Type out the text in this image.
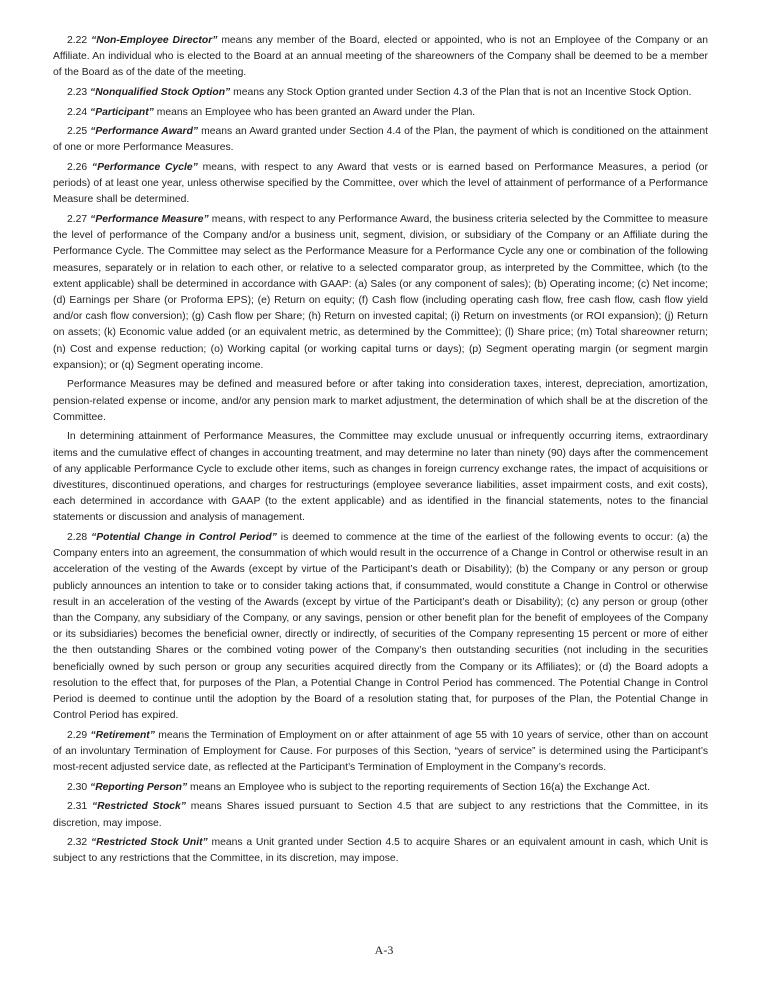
2.22 “Non-Employee Director” means any member of the Board, elected or appointed, who is not an Employee of the Company or an Affiliate. An individual who is elected to the Board at an annual meeting of the shareowners of the Company shall be deemed to be a member of the Board as of the date of the meeting.

2.23 “Nonqualified Stock Option” means any Stock Option granted under Section 4.3 of the Plan that is not an Incentive Stock Option.

2.24 “Participant” means an Employee who has been granted an Award under the Plan.

2.25 “Performance Award” means an Award granted under Section 4.4 of the Plan, the payment of which is conditioned on the attainment of one or more Performance Measures.

2.26 “Performance Cycle” means, with respect to any Award that vests or is earned based on Performance Measures, a period (or periods) of at least one year, unless otherwise specified by the Committee, over which the level of attainment of performance of a Performance Measure shall be determined.

2.27 “Performance Measure” means, with respect to any Performance Award, the business criteria selected by the Committee to measure the level of performance of the Company and/or a business unit, segment, division, or subsidiary of the Company or an Affiliate during the Performance Cycle. The Committee may select as the Performance Measure for a Performance Cycle any one or combination of the following measures, separately or in relation to each other, or relative to a selected comparator group, as interpreted by the Committee, which (to the extent applicable) shall be determined in accordance with GAAP: (a) Sales (or any component of sales); (b) Operating income; (c) Net income; (d) Earnings per Share (or Proforma EPS); (e) Return on equity; (f) Cash flow (including operating cash flow, free cash flow, cash flow yield and/or cash flow conversion); (g) Cash flow per Share; (h) Return on invested capital; (i) Return on investments (or ROI expansion); (j) Return on assets; (k) Economic value added (or an equivalent metric, as determined by the Committee); (l) Share price; (m) Total shareowner return; (n) Cost and expense reduction; (o) Working capital (or working capital turns or days); (p) Segment operating margin (or segment margin expansion); or (q) Segment operating income.

Performance Measures may be defined and measured before or after taking into consideration taxes, interest, depreciation, amortization, pension-related expense or income, and/or any pension mark to market adjustment, the determination of which shall be at the discretion of the Committee.

In determining attainment of Performance Measures, the Committee may exclude unusual or infrequently occurring items, extraordinary items and the cumulative effect of changes in accounting treatment, and may determine no later than ninety (90) days after the commencement of any applicable Performance Cycle to exclude other items, such as changes in foreign currency exchange rates, the impact of acquisitions or divestitures, discontinued operations, and charges for restructurings (employee severance liabilities, asset impairment costs, and exit costs), each determined in accordance with GAAP (to the extent applicable) and as identified in the financial statements, notes to the financial statements or discussion and analysis of management.

2.28 “Potential Change in Control Period” is deemed to commence at the time of the earliest of the following events to occur: (a) the Company enters into an agreement, the consummation of which would result in the occurrence of a Change in Control or otherwise result in an acceleration of the vesting of the Awards (except by virtue of the Participant’s death or Disability); (b) the Company or any person or group publicly announces an intention to take or to consider taking actions that, if consummated, would constitute a Change in Control or otherwise result in an acceleration of the vesting of the Awards (except by virtue of the Participant’s death or Disability); (c) any person or group (other than the Company, any subsidiary of the Company, or any savings, pension or other benefit plan for the benefit of employees of the Company or its subsidiaries) becomes the beneficial owner, directly or indirectly, of securities of the Company representing 15 percent or more of either the then outstanding Shares or the combined voting power of the Company’s then outstanding securities (not including in the securities beneficially owned by such person or group any securities acquired directly from the Company or its Affiliates); or (d) the Board adopts a resolution to the effect that, for purposes of the Plan, a Potential Change in Control Period has commenced. The Potential Change in Control Period is deemed to continue until the adoption by the Board of a resolution stating that, for purposes of the Plan, the Potential Change in Control Period has expired.

2.29 “Retirement” means the Termination of Employment on or after attainment of age 55 with 10 years of service, other than on account of an involuntary Termination of Employment for Cause. For purposes of this Section, “years of service” is determined using the Participant’s most-recent adjusted service date, as reflected at the Participant’s Termination of Employment in the Company’s records.

2.30 “Reporting Person” means an Employee who is subject to the reporting requirements of Section 16(a) the Exchange Act.

2.31 “Restricted Stock” means Shares issued pursuant to Section 4.5 that are subject to any restrictions that the Committee, in its discretion, may impose.

2.32 “Restricted Stock Unit” means a Unit granted under Section 4.5 to acquire Shares or an equivalent amount in cash, which Unit is subject to any restrictions that the Committee, in its discretion, may impose.

A-3
